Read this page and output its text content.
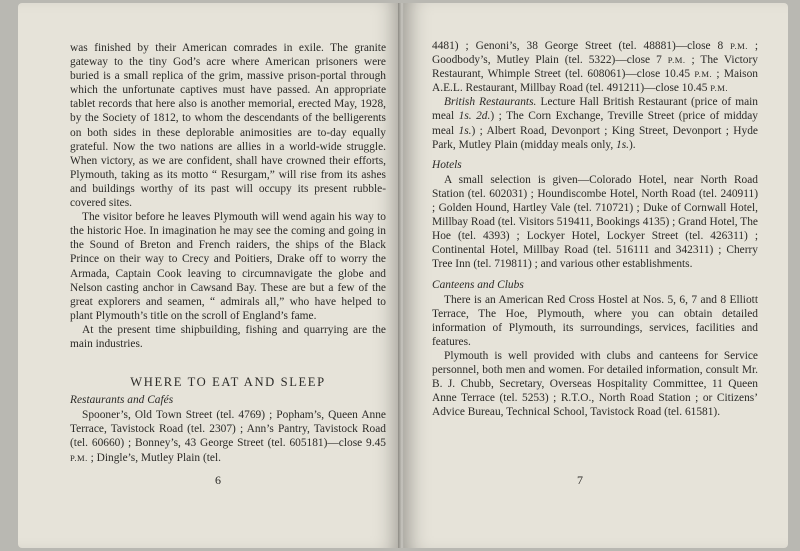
was finished by their American comrades in exile. The granite gateway to the tiny God’s acre where American prisoners were buried is a small replica of the grim, massive prison-portal through which the unfortunate captives must have passed. An appropriate tablet records that here also is another memorial, erected May, 1928, by the Society of 1812, to whom the descendants of the belligerents on both sides in these deplorable animosities are to-day equally grateful. Now the two nations are allies in a world-wide struggle. When victory, as we are confident, shall have crowned their efforts, Plymouth, taking as its motto “ Resurgam,” will rise from its ashes and buildings worthy of its past will occupy its present rubble-covered sites.

The visitor before he leaves Plymouth will wend again his way to the historic Hoe. In imagination he may see the coming and going in the Sound of Breton and French raiders, the ships of the Black Prince on their way to Crecy and Poitiers, Drake off to worry the Armada, Captain Cook leaving to circumnavigate the globe and Nelson casting anchor in Cawsand Bay. These are but a few of the great explorers and seamen, “ admirals all,” who have helped to plant Plymouth’s title on the scroll of England’s fame.

At the present time shipbuilding, fishing and quarrying are the main industries.

WHERE TO EAT AND SLEEP

Restaurants and Cafés

Spooner’s, Old Town Street (tel. 4769) ; Popham’s, Queen Anne Terrace, Tavistock Road (tel. 2307) ; Ann’s Pantry, Tavistock Road (tel. 60660) ; Bonney’s, 43 George Street (tel. 605181)—close 9.45 P.M. ; Dingle’s, Mutley Plain (tel.

6

4481) ; Genoni’s, 38 George Street (tel. 48881)—close 8 P.M. ; Goodbody’s, Mutley Plain (tel. 5322)—close 7 P.M. ; The Victory Restaurant, Whimple Street (tel. 608061)—close 10.45 P.M. ; Maison A.E.L. Restaurant, Millbay Road (tel. 491211)—close 10.45 P.M.

British Restaurants. Lecture Hall British Restaurant (price of main meal 1s. 2d.) ; The Corn Exchange, Treville Street (price of midday meal 1s.) ; Albert Road, Devonport ; King Street, Devonport ; Hyde Park, Mutley Plain (midday meals only, 1s.).

Hotels

A small selection is given—Colorado Hotel, near North Road Station (tel. 602031) ; Houndiscombe Hotel, North Road (tel. 240911) ; Golden Hound, Hartley Vale (tel. 710721) ; Duke of Cornwall Hotel, Millbay Road (tel. Visitors 519411, Bookings 4135) ; Grand Hotel, The Hoe (tel. 4393) ; Lockyer Hotel, Lockyer Street (tel. 426311) ; Continental Hotel, Millbay Road (tel. 516111 and 342311) ; Cherry Tree Inn (tel. 719811) ; and various other establishments.

Canteens and Clubs

There is an American Red Cross Hostel at Nos. 5, 6, 7 and 8 Elliott Terrace, The Hoe, Plymouth, where you can obtain detailed information of Plymouth, its surroundings, services, facilities and features.

Plymouth is well provided with clubs and canteens for Service personnel, both men and women. For detailed information, consult Mr. B. J. Chubb, Secretary, Overseas Hospitality Committee, 11 Queen Anne Terrace (tel. 5253) ; R.T.O., North Road Station ; or Citizens’ Advice Bureau, Technical School, Tavistock Road (tel. 61581).

7
